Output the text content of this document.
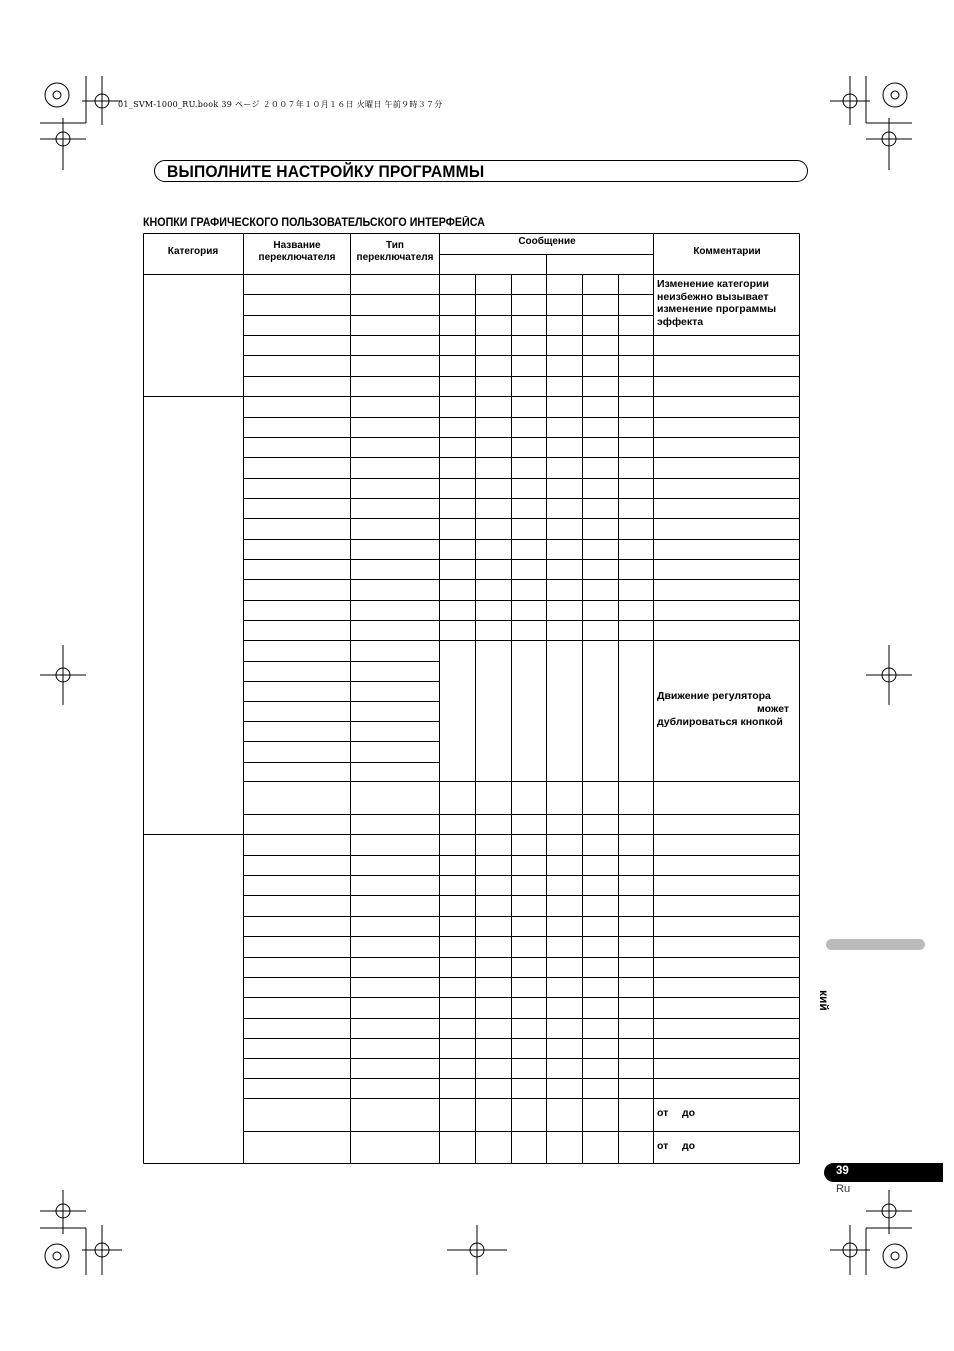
01_SVM-1000_RU.book 39 ページ ２００７年１０月１６日 火曜日 午前９時３７分
ВЫПОЛНИТЕ НАСТРОЙКУ ПРОГРАММЫ
КНОПКИ ГРАФИЧЕСКОГО ПОЛЬЗОВАТЕЛЬСКОГО ИНТЕРФЕЙСА
Категория
Название переключателя
Тип переключателя
Сообщение
Комментарии
Изменение категории неизбежно вызывает изменение программы эффекта
Движение регулятора
может
дублироваться кнопкой
от до
от до
кий
39
Ru
